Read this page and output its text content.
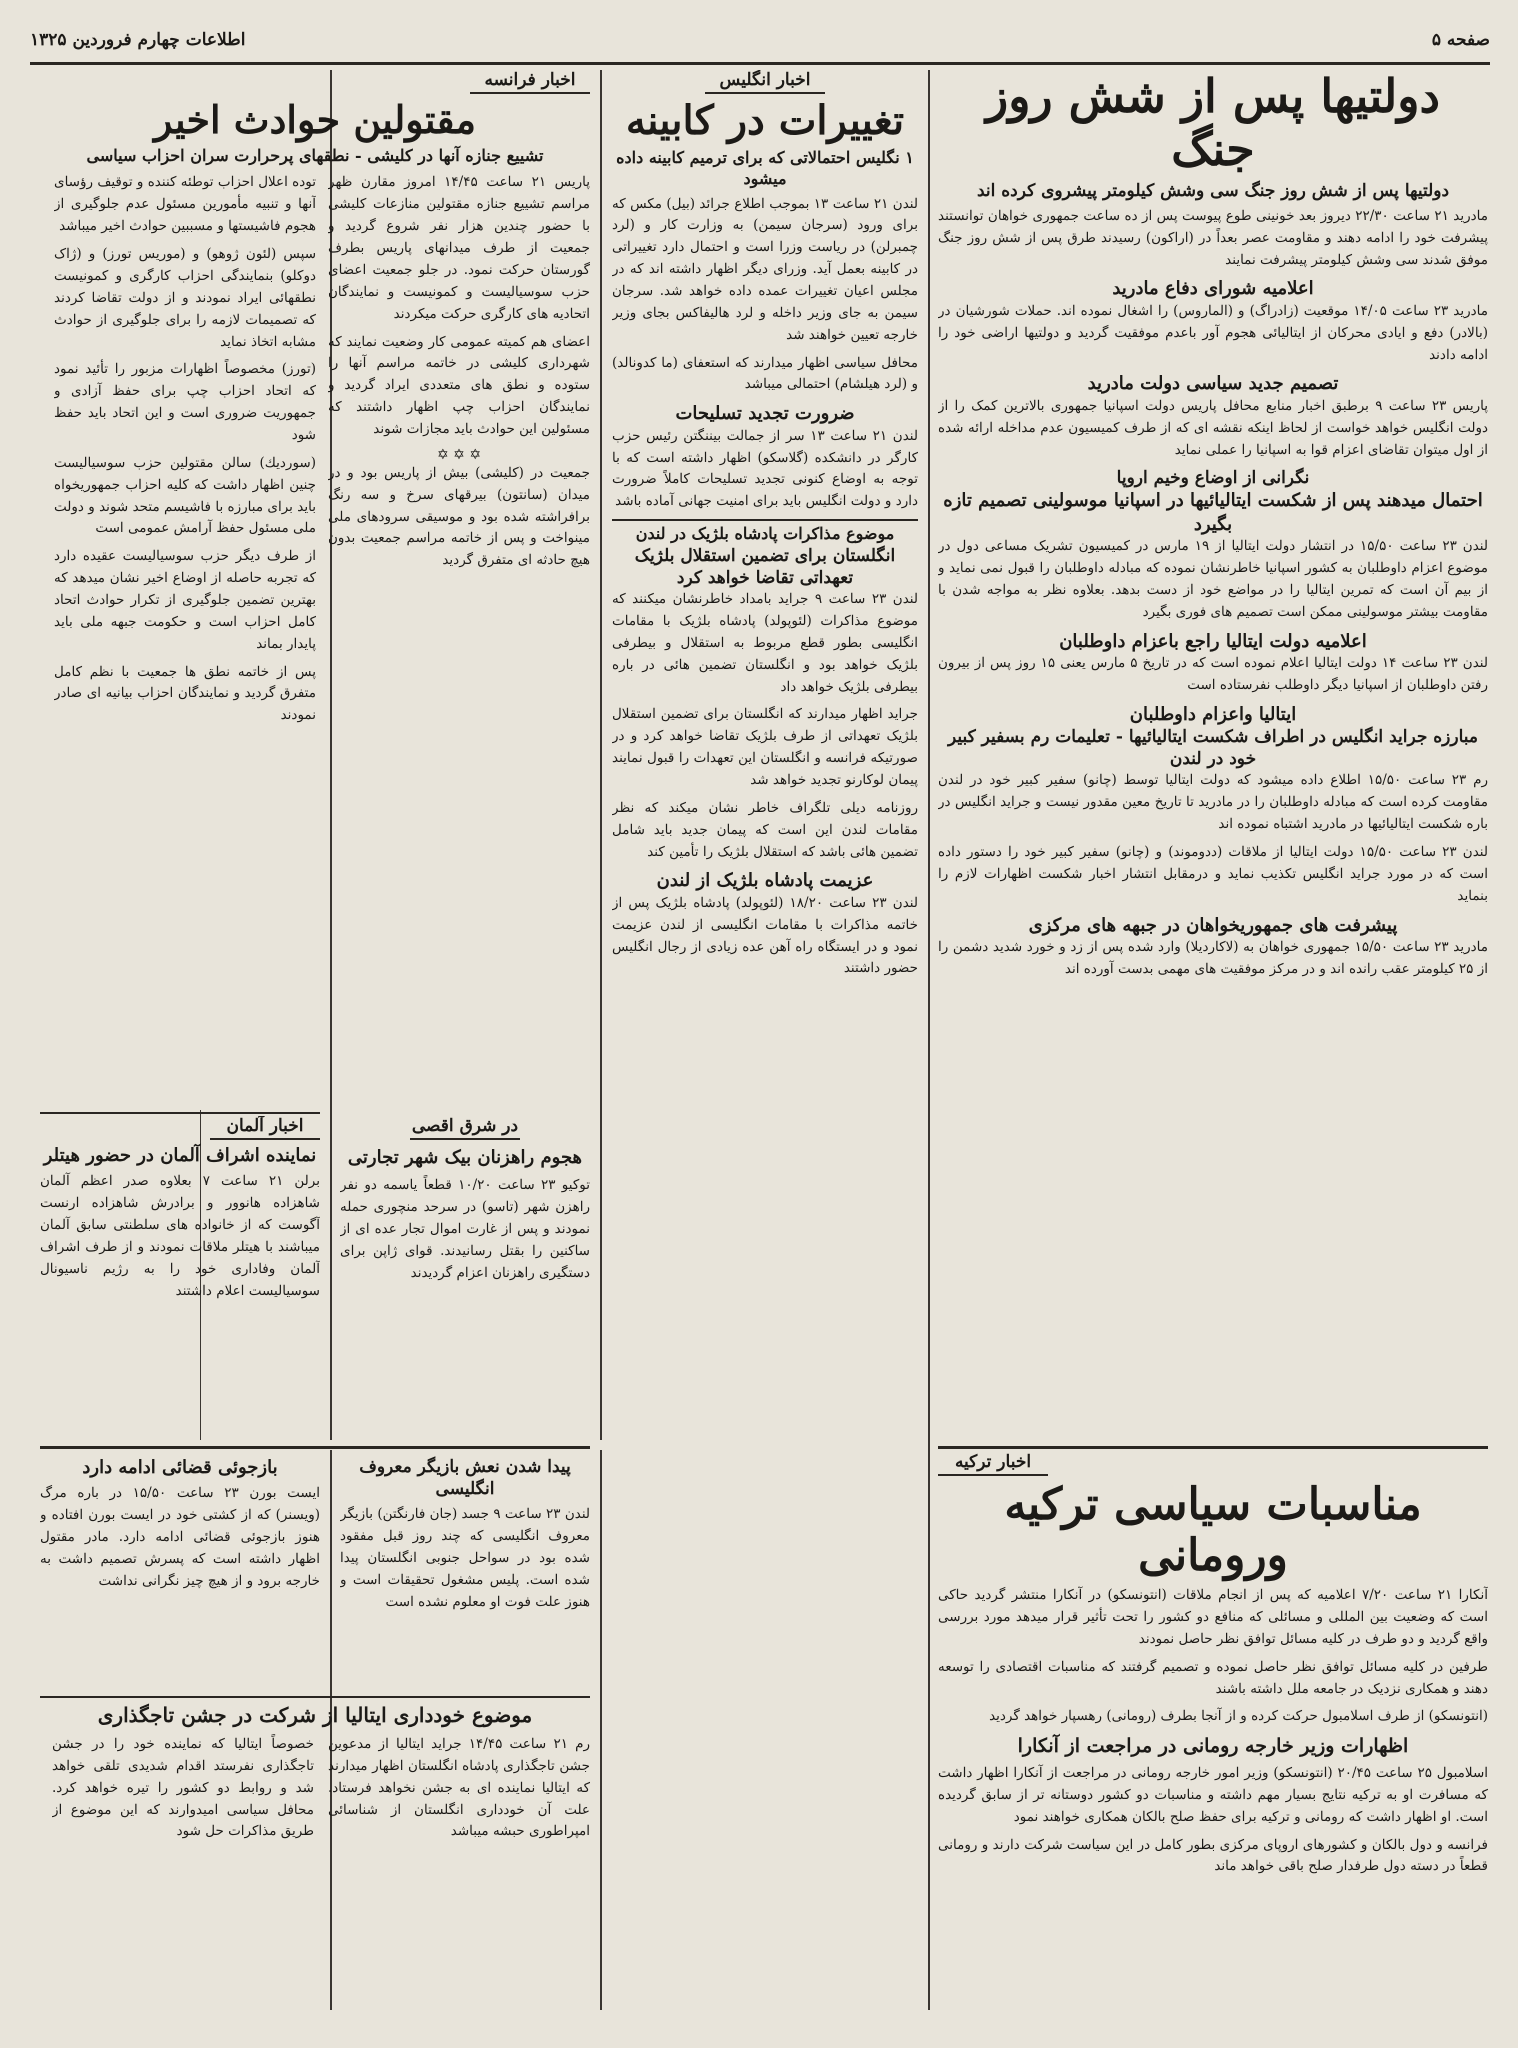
صفحه ۵
اطلاعات چهارم فروردین ۱۳۲۵
دولتیها پس از شش روز جنگ
دولتیها پس از شش روز جنگ سی وشش کیلومتر پیشروی کرده اند
مادرید ۲۱ ساعت ۲۲/۳۰ دیروز بعد خونینی طوع پیوست پس از ده ساعت جمهوری خواهان توانستند پیشرفت خود را ادامه دهند و مقاومت عصر بعداً در (اراکون) رسیدند طرق پس از شش روز جنگ موفق شدند سی وشش کیلومتر پیشرفت نمایند
اعلامیه شورای دفاع مادرید
مادرید ۲۳ ساعت ۱۴/۰۵ موقعیت (زادراگ) و (الماروس) را اشغال نموده اند. حملات شورشیان در (بالادر) دفع و ایادی محرکان از ایتالیائی هجوم آور باعدم موفقیت گردید و دولتیها اراضی خود را ادامه دادند
تصمیم جدید سیاسی دولت مادرید
پاریس ۲۳ ساعت ۹ برطبق اخبار منابع محافل پاریس دولت اسپانیا جمهوری بالاترین کمک را از دولت انگلیس خواهد خواست از لحاظ اینکه نقشه ای که از طرف کمیسیون عدم مداخله ارائه شده از اول میتوان تقاضای اعزام قوا به اسپانیا را عملی نماید
نگرانی از اوضاع وخیم اروپا
احتمال میدهند پس از شکست ایتالیائیها در اسپانیا موسولینی تصمیم تازه بگیرد
لندن ۲۳ ساعت ۱۵/۵۰ در انتشار دولت ایتالیا از ۱۹ مارس در کمیسیون تشریک مساعی دول در موضوع اعزام داوطلبان به کشور اسپانیا خاطرنشان نموده که مبادله داوطلبان را قبول نمی نماید و از بیم آن است که تمرین ایتالیا را در مواضع خود از دست بدهد. بعلاوه نظر به مواجه شدن با مقاومت بیشتر موسولینی ممکن است تصمیم های فوری بگیرد
اعلامیه دولت ایتالیا راجع باعزام داوطلبان
لندن ۲۳ ساعت ۱۴ دولت ایتالیا اعلام نموده است که در تاریخ ۵ مارس یعنی ۱۵ روز پس از بیرون رفتن داوطلبان از اسپانیا دیگر داوطلب نفرستاده است
ایتالیا واعزام داوطلبان
مبارزه جراید انگلیس در اطراف شکست ایتالیائیها - تعلیمات رم بسفیر کبیر خود در لندن
رم ۲۳ ساعت ۱۵/۵۰ اطلاع داده میشود که دولت ایتالیا توسط (چانو) سفیر کبیر خود در لندن مقاومت کرده است که مبادله داوطلبان را در مادرید تا تاریخ معین مقدور نیست و جراید انگلیس در باره شکست ایتالیائیها در مادرید اشتباه نموده اند
لندن ۲۳ ساعت ۱۵/۵۰ دولت ایتالیا از ملاقات (ددوموند) و (چانو) سفیر کبیر خود را دستور داده است که در مورد جراید انگلیس تکذیب نماید و درمقابل انتشار اخبار شکست اظهارات لازم را بنماید
پیشرفت های جمهوریخواهان در جبهه های مرکزی
مادرید ۲۳ ساعت ۱۵/۵۰ جمهوری خواهان به (لاکاردیلا) وارد شده پس از زد و خورد شدید دشمن را از ۲۵ کیلومتر عقب رانده اند و در مرکز موفقیت های مهمی بدست آورده اند
اخبار انگلیس
تغییرات در کابینه
۱ نگلیس احتمالاتی که برای ترمیم کابینه داده میشود
لندن ۲۱ ساعت ۱۳ بموجب اطلاع جرائد (بیل) مکس که برای ورود (سرجان سیمن) به وزارت کار و (لرد چمبرلن) در ریاست وزرا است و احتمال دارد تغییراتی در کابینه بعمل آید. وزرای دیگر اظهار داشته اند که در مجلس اعیان تغییرات عمده داده خواهد شد. سرجان سیمن به جای وزیر داخله و لرد هالیفاکس بجای وزیر خارجه تعیین خواهند شد
محافل سیاسی اظهار میدارند که استعفای (ما کدونالد) و (لرد هیلشام) احتمالی میباشد
ضرورت تجدید تسلیحات
لندن ۲۱ ساعت ۱۳ سر از جمالت بیننگتن رئیس حزب کارگر در دانشکده (گلاسکو) اظهار داشته است که با توجه به اوضاع کنونی تجدید تسلیحات کاملاً ضرورت دارد و دولت انگلیس باید برای امنیت جهانی آماده باشد
موضوع مذاکرات پادشاه بلژیک در لندن
انگلستان برای تضمین استقلال بلژیک تعهداتی تقاضا خواهد کرد
لندن ۲۳ ساعت ۹ جراید بامداد خاطرنشان میکنند که موضوع مذاکرات (لئوپولد) پادشاه بلژیک با مقامات انگلیسی بطور قطع مربوط به استقلال و بیطرفی بلژیک خواهد بود و انگلستان تضمین هائی در باره بیطرفی بلژیک خواهد داد
جراید اظهار میدارند که انگلستان برای تضمین استقلال بلژیک تعهداتی از طرف بلژیک تقاضا خواهد کرد و در صورتیکه فرانسه و انگلستان این تعهدات را قبول نمایند پیمان لوکارنو تجدید خواهد شد
روزنامه دیلی تلگراف خاطر نشان میکند که نظر مقامات لندن این است که پیمان جدید باید شامل تضمین هائی باشد که استقلال بلژیک را تأمین کند
عزیمت پادشاه بلژیک از لندن
لندن ۲۳ ساعت ۱۸/۲۰ (لئوپولد) پادشاه بلژیک پس از خاتمه مذاکرات با مقامات انگلیسی از لندن عزیمت نمود و در ایستگاه راه آهن عده زیادی از رجال انگلیس حضور داشتند
اخبار فرانسه
مقتولین حوادث اخیر
تشییع جنازه آنها در کلیشی - نطقهای پرحرارت سران احزاب سیاسی
پاریس ۲۱ ساعت ۱۴/۴۵ امروز مقارن ظهر مراسم تشییع جنازه مقتولین منازعات کلیشی با حضور چندین هزار نفر شروع گردید و جمعیت از طرف میدانهای پاریس بطرف گورستان حرکت نمود. در جلو جمعیت اعضای حزب سوسیالیست و کمونیست و نمایندگان اتحادیه های کارگری حرکت میکردند
اعضای هم کمیته عمومی کار وضعیت نمایند که شهرداری کلیشی در خاتمه مراسم آنها را ستوده و نطق های متعددی ایراد گردید و نمایندگان احزاب چپ اظهار داشتند که مسئولین این حوادث باید مجازات شوند
✡ ✡ ✡
جمعیت در (کلیشی) بیش از پاریس بود و در میدان (سانتون) بیرقهای سرخ و سه رنگ برافراشته شده بود و موسیقی سرودهای ملی مینواخت و پس از خاتمه مراسم جمعیت بدون هیچ حادثه ای متفرق گردید
توده اعلال احزاب توطئه کننده و توقیف رؤسای آنها و تنبیه مأمورین مسئول عدم جلوگیری از هجوم فاشیستها و مسببین حوادث اخیر میباشد
سپس (لئون ژوهو) و (موریس تورز) و (ژاک دوکلو) بنمایندگی احزاب کارگری و کمونیست نطقهائی ایراد نمودند و از دولت تقاضا کردند که تصمیمات لازمه را برای جلوگیری از حوادث مشابه اتخاذ نماید
(تورز) مخصوصاً اظهارات مزبور را تأئید نمود که اتحاد احزاب چپ برای حفظ آزادی و جمهوریت ضروری است و این اتحاد باید حفظ شود
(سوردیك) سالن مقتولین حزب سوسیالیست چنین اظهار داشت که کلیه احزاب جمهوریخواه باید برای مبارزه با فاشیسم متحد شوند و دولت ملی مسئول حفظ آرامش عمومی است
از طرف دیگر حزب سوسیالیست عقیده دارد که تجربه حاصله از اوضاع اخیر نشان میدهد که بهترین تضمین جلوگیری از تکرار حوادث اتحاد کامل احزاب است و حکومت جبهه ملی باید پایدار بماند
پس از خاتمه نطق ها جمعیت با نظم کامل متفرق گردید و نمایندگان احزاب بیانیه ای صادر نمودند
اخبار آلمان
نماینده اشراف آلمان در حضور هیتلر
برلن ۲۱ ساعت ۷ بعلاوه صدر اعظم آلمان شاهزاده هانوور و برادرش شاهزاده ارنست آگوست که از خانواده های سلطنتی سابق آلمان میباشند با هیتلر ملاقات نمودند و از طرف اشراف آلمان وفاداری خود را به رژیم ناسیونال سوسیالیست اعلام داشتند
در شرق اقصی
هجوم راهزنان بیک شهر تجارتی
توکیو ۲۳ ساعت ۱۰/۲۰ قطعاً یاسمه دو نفر راهزن شهر (تاسو) در سرحد منچوری حمله نمودند و پس از غارت اموال تجار عده ای از ساکنین را بقتل رسانیدند. قوای ژاپن برای دستگیری راهزنان اعزام گردیدند
پیدا شدن نعش بازیگر معروف انگلیسی
لندن ۲۳ ساعت ۹ جسد (جان فارنگتن) بازیگر معروف انگلیسی که چند روز قبل مفقود شده بود در سواحل جنوبی انگلستان پیدا شده است. پلیس مشغول تحقیقات است و هنوز علت فوت او معلوم نشده است
بازجوئی قضائی ادامه دارد
ایست بورن ۲۳ ساعت ۱۵/۵۰ در باره مرگ (ویسنر) که از کشتی خود در ایست بورن افتاده و هنوز بازجوئی قضائی ادامه دارد. مادر مقتول اظهار داشته است که پسرش تصمیم داشت به خارجه برود و از هیچ چیز نگرانی نداشت
موضوع خودداری ایتالیا از شرکت در جشن تاجگذاری
رم ۲۱ ساعت ۱۴/۴۵ جراید ایتالیا از مدعوین جشن تاجگذاری پادشاه انگلستان اظهار میدارند که ایتالیا نماینده ای به جشن نخواهد فرستاد. علت آن خودداری انگلستان از شناسائی امپراطوری حبشه میباشد
خصوصاً ایتالیا که نماینده خود را در جشن تاجگذاری نفرستد اقدام شدیدی تلقی خواهد شد و روابط دو کشور را تیره خواهد کرد. محافل سیاسی امیدوارند که این موضوع از طریق مذاکرات حل شود
اخبار ترکیه
مناسبات سیاسی ترکیه ورومانی
آنکارا ۲۱ ساعت ۷/۲۰ اعلامیه که پس از انجام ملاقات (انتونسکو) در آنکارا منتشر گردید حاکی است که وضعیت بین المللی و مسائلی که منافع دو کشور را تحت تأثیر قرار میدهد مورد بررسی واقع گردید و دو طرف در کلیه مسائل توافق نظر حاصل نمودند
طرفین در کلیه مسائل توافق نظر حاصل نموده و تصمیم گرفتند که مناسبات اقتصادی را توسعه دهند و همکاری نزدیک در جامعه ملل داشته باشند
(انتونسکو) از طرف اسلامبول حرکت کرده و از آنجا بطرف (رومانی) رهسپار خواهد گردید
اظهارات وزیر خارجه رومانی در مراجعت از آنکارا
اسلامبول ۲۵ ساعت ۲۰/۴۵ (انتونسکو) وزیر امور خارجه رومانی در مراجعت از آنکارا اظهار داشت که مسافرت او به ترکیه نتایج بسیار مهم داشته و مناسبات دو کشور دوستانه تر از سابق گردیده است. او اظهار داشت که رومانی و ترکیه برای حفظ صلح بالکان همکاری خواهند نمود
فرانسه و دول بالکان و کشورهای اروپای مرکزی بطور کامل در این سیاست شرکت دارند و رومانی قطعاً در دسته دول طرفدار صلح باقی خواهد ماند
